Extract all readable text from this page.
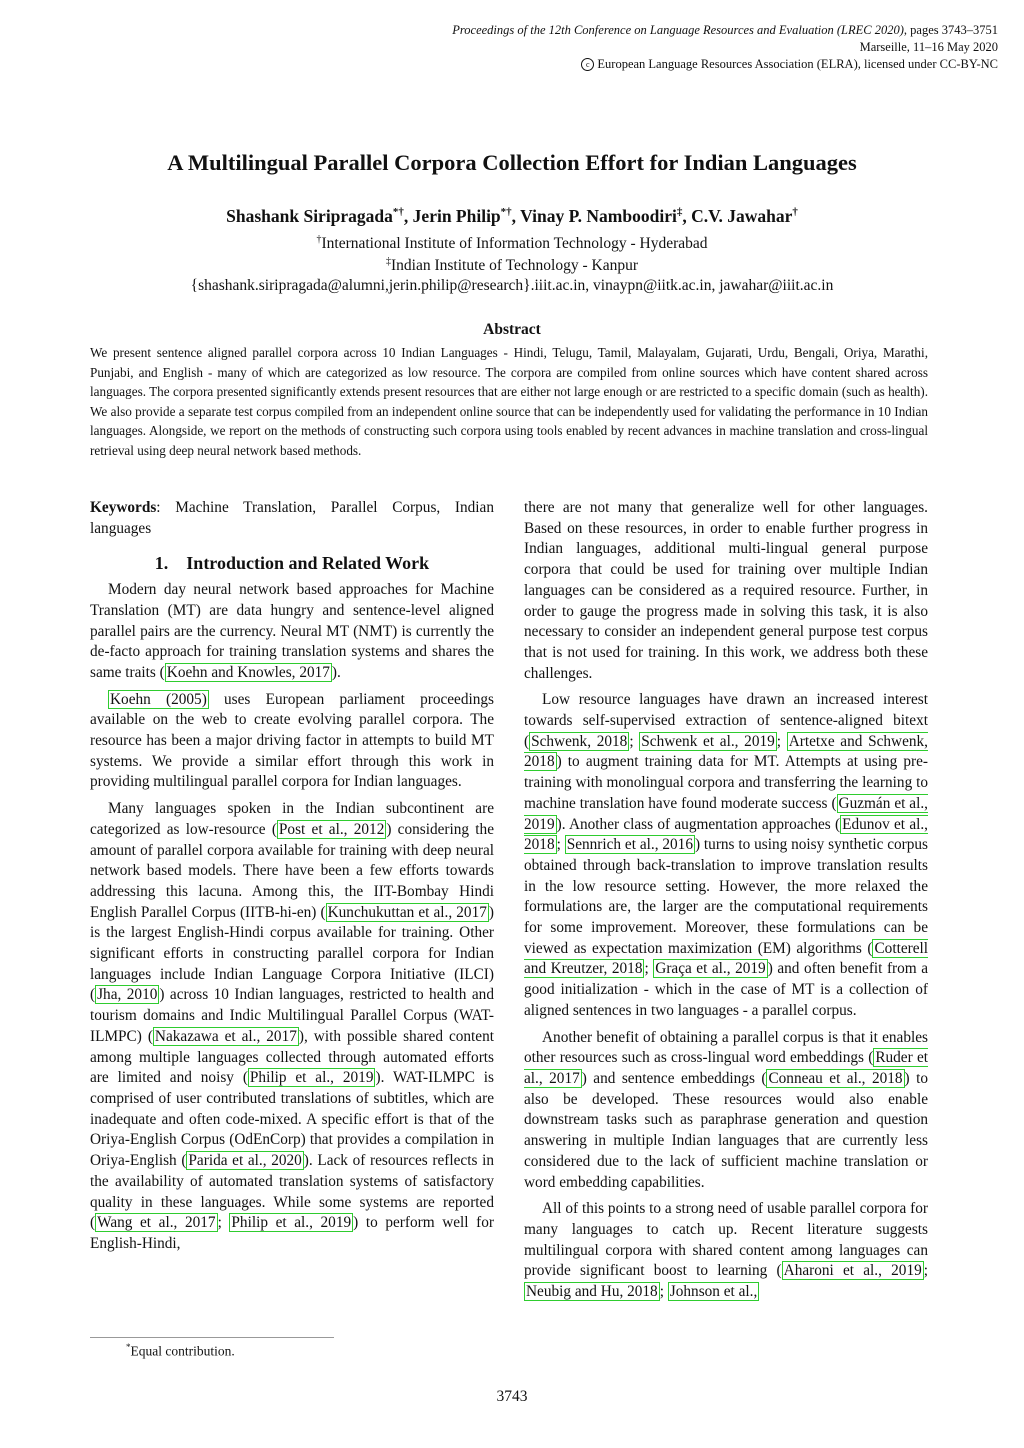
Proceedings of the 12th Conference on Language Resources and Evaluation (LREC 2020), pages 3743–3751
Marseille, 11–16 May 2020
c European Language Resources Association (ELRA), licensed under CC-BY-NC
A Multilingual Parallel Corpora Collection Effort for Indian Languages
Shashank Siripragada*†, Jerin Philip*†, Vinay P. Namboodiri‡, C.V. Jawahar†
†International Institute of Information Technology - Hyderabad
‡Indian Institute of Technology - Kanpur
{shashank.siripragada@alumni,jerin.philip@research}.iiit.ac.in, vinaypn@iitk.ac.in, jawahar@iiit.ac.in
Abstract

We present sentence aligned parallel corpora across 10 Indian Languages - Hindi, Telugu, Tamil, Malayalam, Gujarati, Urdu, Bengali, Oriya, Marathi, Punjabi, and English - many of which are categorized as low resource. The corpora are compiled from online sources which have content shared across languages. The corpora presented significantly extends present resources that are either not large enough or are restricted to a specific domain (such as health). We also provide a separate test corpus compiled from an independent online source that can be independently used for validating the performance in 10 Indian languages. Alongside, we report on the methods of constructing such corpora using tools enabled by recent advances in machine translation and cross-lingual retrieval using deep neural network based methods.

Keywords: Machine Translation, Parallel Corpus, Indian languages

1. Introduction and Related Work

Modern day neural network based approaches for Machine Translation (MT) are data hungry and sentence-level aligned parallel pairs are the currency. Neural MT (NMT) is currently the de-facto approach for training translation systems and shares the same traits ( Koehn and Knowles, 2017 ).

Koehn (2005) uses European parliament proceedings available on the web to create evolving parallel corpora. The resource has been a major driving factor in attempts to build MT systems. We provide a similar effort through this work in providing multilingual parallel corpora for Indian languages.

Many languages spoken in the Indian subcontinent are categorized as low-resource ( Post et al., 2012 ) considering the amount of parallel corpora available for training with deep neural network based models. There have been a few efforts towards addressing this lacuna. Among this, the IIT-Bombay Hindi English Parallel Corpus (IITB-hi-en) ( Kunchukuttan et al., 2017 ) is the largest English-Hindi corpus available for training. Other significant efforts in constructing parallel corpora for Indian languages include Indian Language Corpora Initiative (ILCI) ( Jha, 2010 ) across 10 Indian languages, restricted to health and tourism domains and Indic Multilingual Parallel Corpus (WAT-ILMPC) ( Nakazawa et al., 2017 ), with possible shared content among multiple languages collected through automated efforts are limited and noisy ( Philip et al., 2019 ). WAT-ILMPC is comprised of user contributed translations of subtitles, which are inadequate and often code-mixed. A specific effort is that of the Oriya-English Corpus (OdEnCorp) that provides a compilation in Oriya-English ( Parida et al., 2020 ). Lack of resources reflects in the availability of automated translation systems of satisfactory quality in these languages. While some systems are reported ( Wang et al., 2017 ; Philip et al., 2019 ) to perform well for English-Hindi,

there are not many that generalize well for other languages. Based on these resources, in order to enable further progress in Indian languages, additional multi-lingual general purpose corpora that could be used for training over multiple Indian languages can be considered as a required resource. Further, in order to gauge the progress made in solving this task, it is also necessary to consider an independent general purpose test corpus that is not used for training. In this work, we address both these challenges.

Low resource languages have drawn an increased interest towards self-supervised extraction of sentence-aligned bitext ( Schwenk, 2018 ; Schwenk et al., 2019 ; Artetxe and Schwenk, 2018 ) to augment training data for MT. Attempts at using pre-training with monolingual corpora and transferring the learning to machine translation have found moderate success ( Guzmán et al., 2019 ). Another class of augmentation approaches ( Edunov et al., 2018 ; Sennrich et al., 2016 ) turns to using noisy synthetic corpus obtained through back-translation to improve translation results in the low resource setting. However, the more relaxed the formulations are, the larger are the computational requirements for some improvement. Moreover, these formulations can be viewed as expectation maximization (EM) algorithms ( Cotterell and Kreutzer, 2018 ; Graça et al., 2019 ) and often benefit from a good initialization - which in the case of MT is a collection of aligned sentences in two languages - a parallel corpus.

Another benefit of obtaining a parallel corpus is that it enables other resources such as cross-lingual word embeddings ( Ruder et al., 2017 ) and sentence embeddings ( Conneau et al., 2018 ) to also be developed. These resources would also enable downstream tasks such as paraphrase generation and question answering in multiple Indian languages that are currently less considered due to the lack of sufficient machine translation or word embedding capabilities.

All of this points to a strong need of usable parallel corpora for many languages to catch up. Recent literature suggests multilingual corpora with shared content among languages can provide significant boost to learning ( Aharoni et al., 2019 ; Neubig and Hu, 2018 ; Johnson et al.,

*Equal contribution.
3743
